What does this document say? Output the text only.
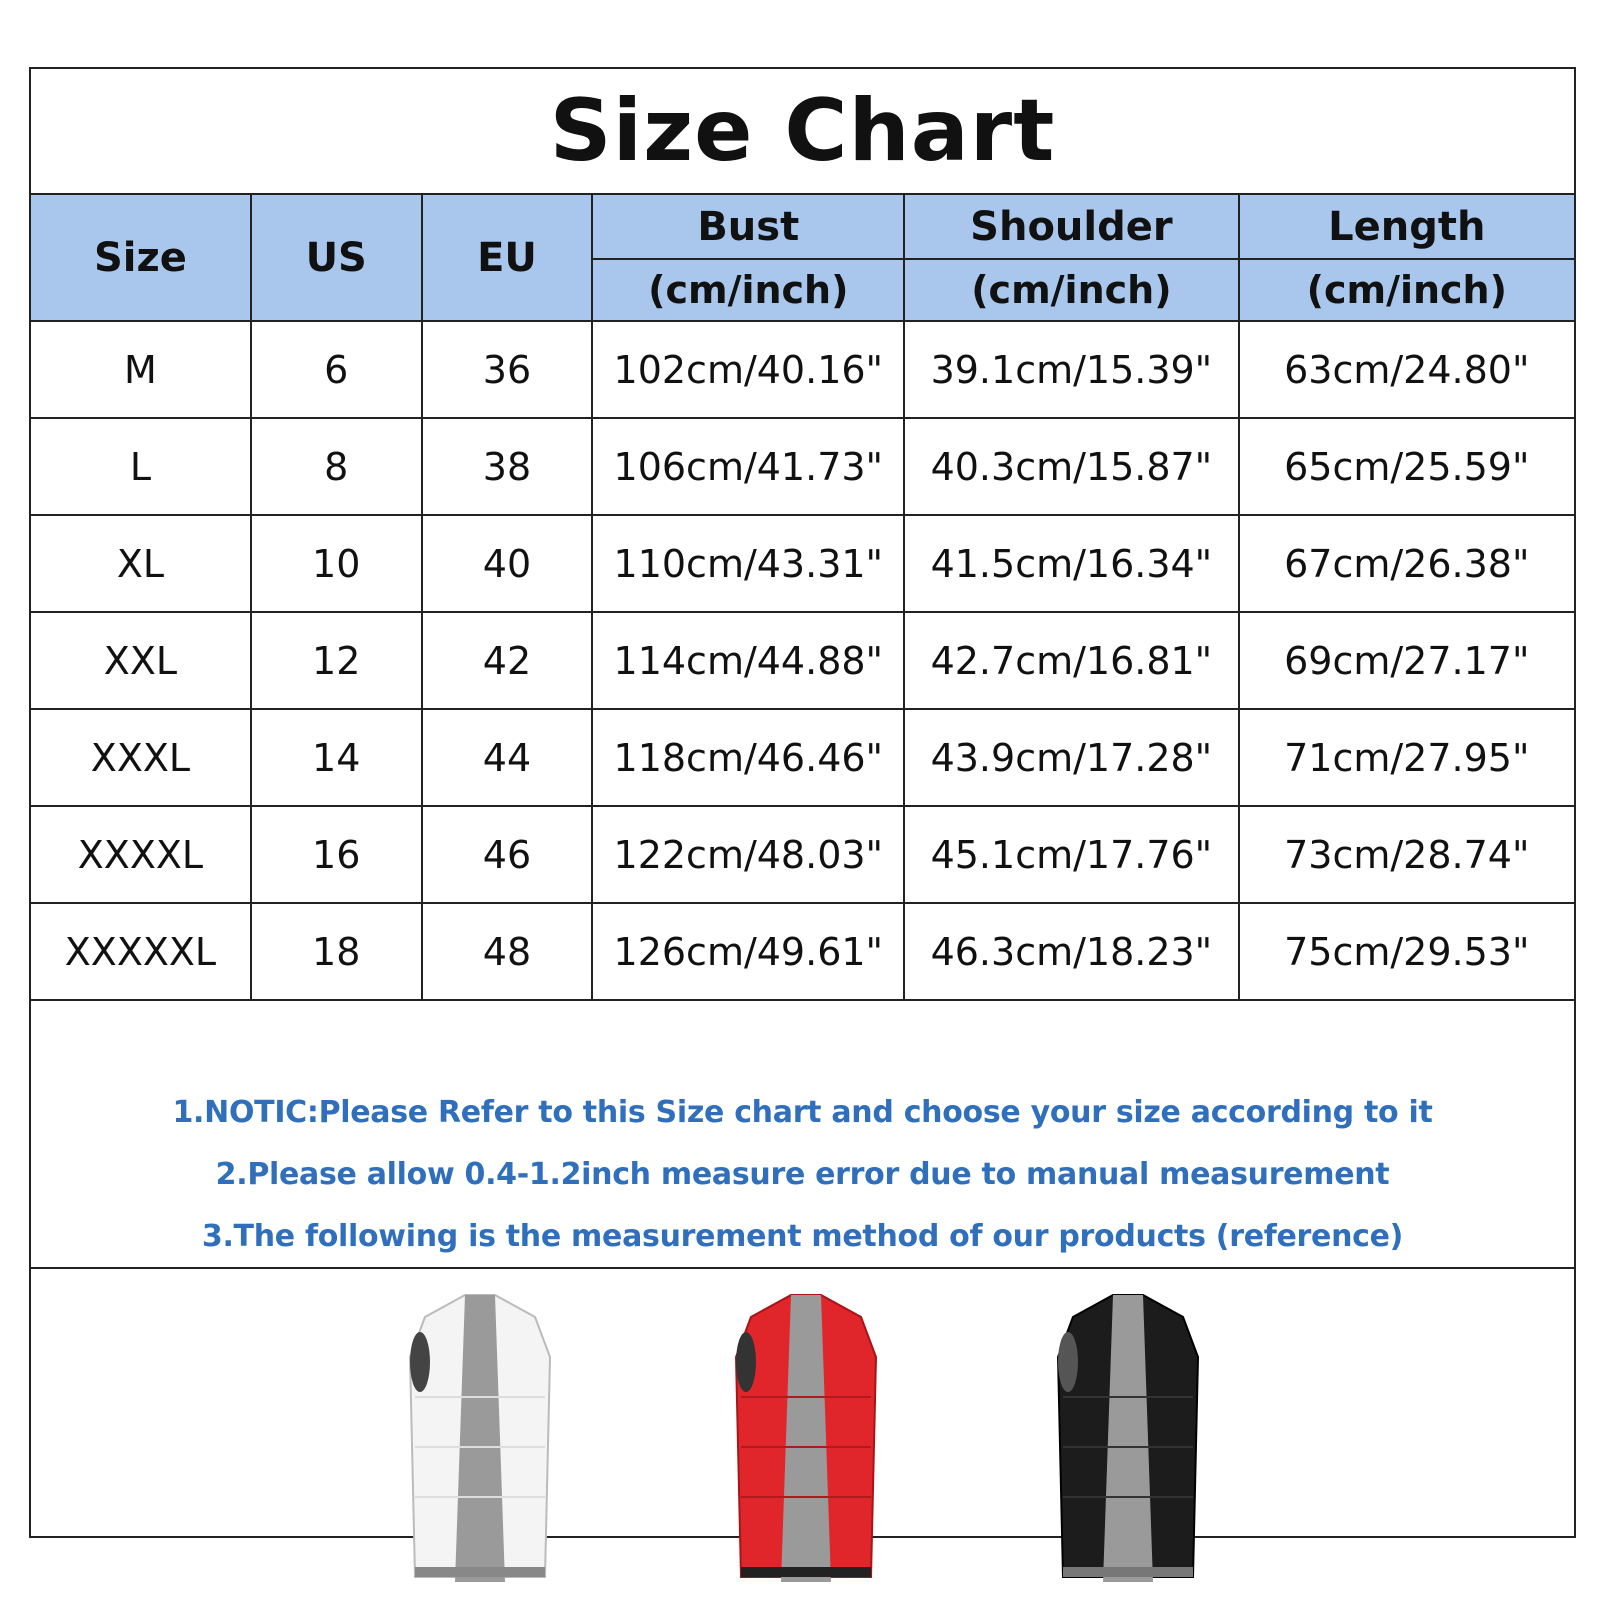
Size Chart
Size	US	EU	Bust	Shoulder	Length
			(cm/inch)	(cm/inch)	(cm/inch)
M	6	36	102cm/40.16"	39.1cm/15.39"	63cm/24.80"
L	8	38	106cm/41.73"	40.3cm/15.87"	65cm/25.59"
XL	10	40	110cm/43.31"	41.5cm/16.34"	67cm/26.38"
XXL	12	42	114cm/44.88"	42.7cm/16.81"	69cm/27.17"
XXXL	14	44	118cm/46.46"	43.9cm/17.28"	71cm/27.95"
XXXXL	16	46	122cm/48.03"	45.1cm/17.76"	73cm/28.74"
XXXXXL	18	48	126cm/49.61"	46.3cm/18.23"	75cm/29.53"
1.NOTIC:Please Refer to this Size chart and choose your size according to it
2.Please allow 0.4-1.2inch measure error due to manual measurement
3.The following is the measurement method of our products (reference)
